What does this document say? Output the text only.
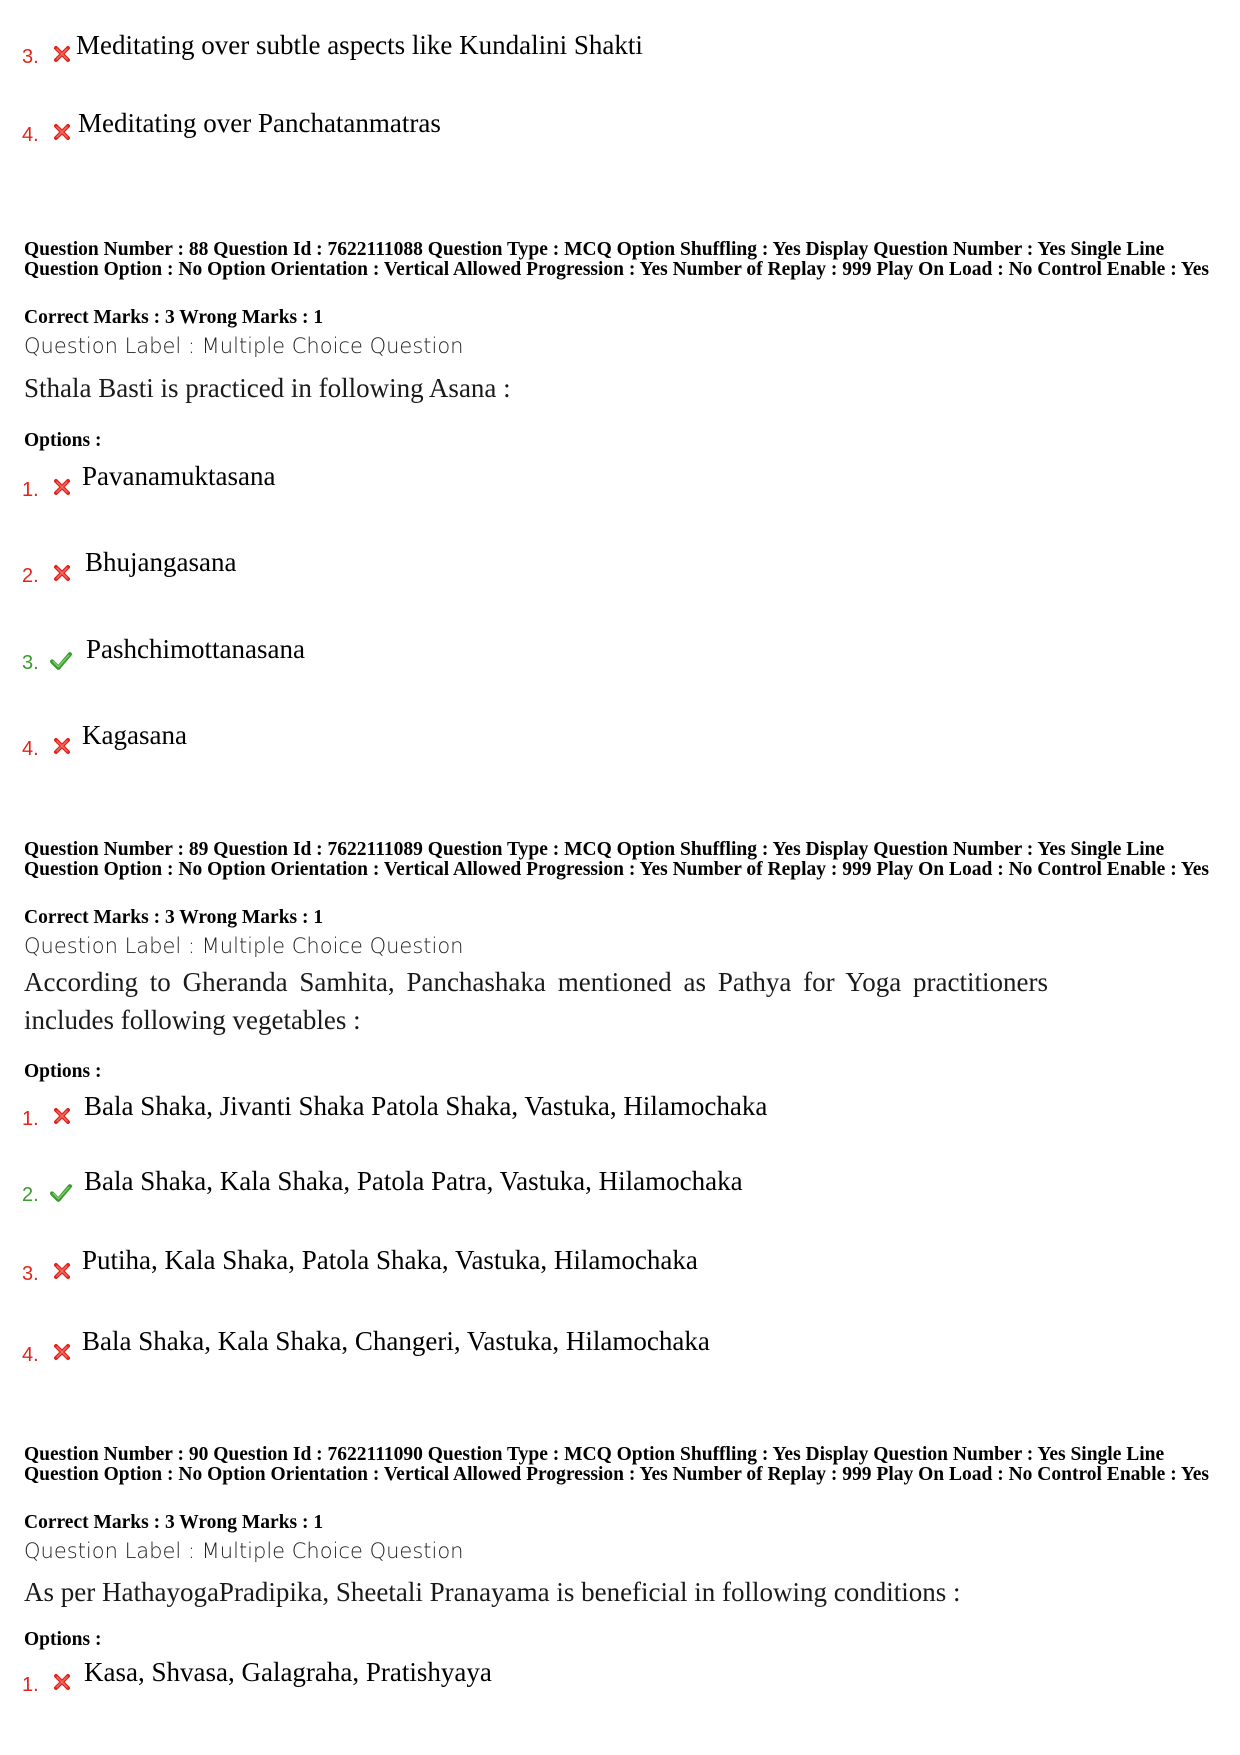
3. Meditating over subtle aspects like Kundalini Shakti
4. Meditating over Panchatanmatras
Question Number : 88 Question Id : 7622111088 Question Type : MCQ Option Shuffling : Yes Display Question Number : Yes Single Line Question Option : No Option Orientation : Vertical Allowed Progression : Yes Number of Replay : 999 Play On Load : No Control Enable : Yes
Correct Marks : 3 Wrong Marks : 1
Question Label : Multiple Choice Question
Sthala Basti is practiced in following Asana :
Options :
1. Pavanamuktasana
2. Bhujangasana
3. Pashchimottanasana
4. Kagasana
Question Number : 89 Question Id : 7622111089 Question Type : MCQ Option Shuffling : Yes Display Question Number : Yes Single Line Question Option : No Option Orientation : Vertical Allowed Progression : Yes Number of Replay : 999 Play On Load : No Control Enable : Yes
Correct Marks : 3 Wrong Marks : 1
Question Label : Multiple Choice Question
According to Gheranda Samhita, Panchashaka mentioned as Pathya for Yoga practitioners includes following vegetables :
Options :
1. Bala Shaka, Jivanti Shaka Patola Shaka, Vastuka, Hilamochaka
2. Bala Shaka, Kala Shaka, Patola Patra, Vastuka, Hilamochaka
3. Putiha, Kala Shaka, Patola Shaka, Vastuka, Hilamochaka
4. Bala Shaka, Kala Shaka, Changeri, Vastuka, Hilamochaka
Question Number : 90 Question Id : 7622111090 Question Type : MCQ Option Shuffling : Yes Display Question Number : Yes Single Line Question Option : No Option Orientation : Vertical Allowed Progression : Yes Number of Replay : 999 Play On Load : No Control Enable : Yes
Correct Marks : 3 Wrong Marks : 1
Question Label : Multiple Choice Question
As per HathayogaPradipika, Sheetali Pranayama is beneficial in following conditions :
Options :
1. Kasa, Shvasa, Galagraha, Pratishyaya
